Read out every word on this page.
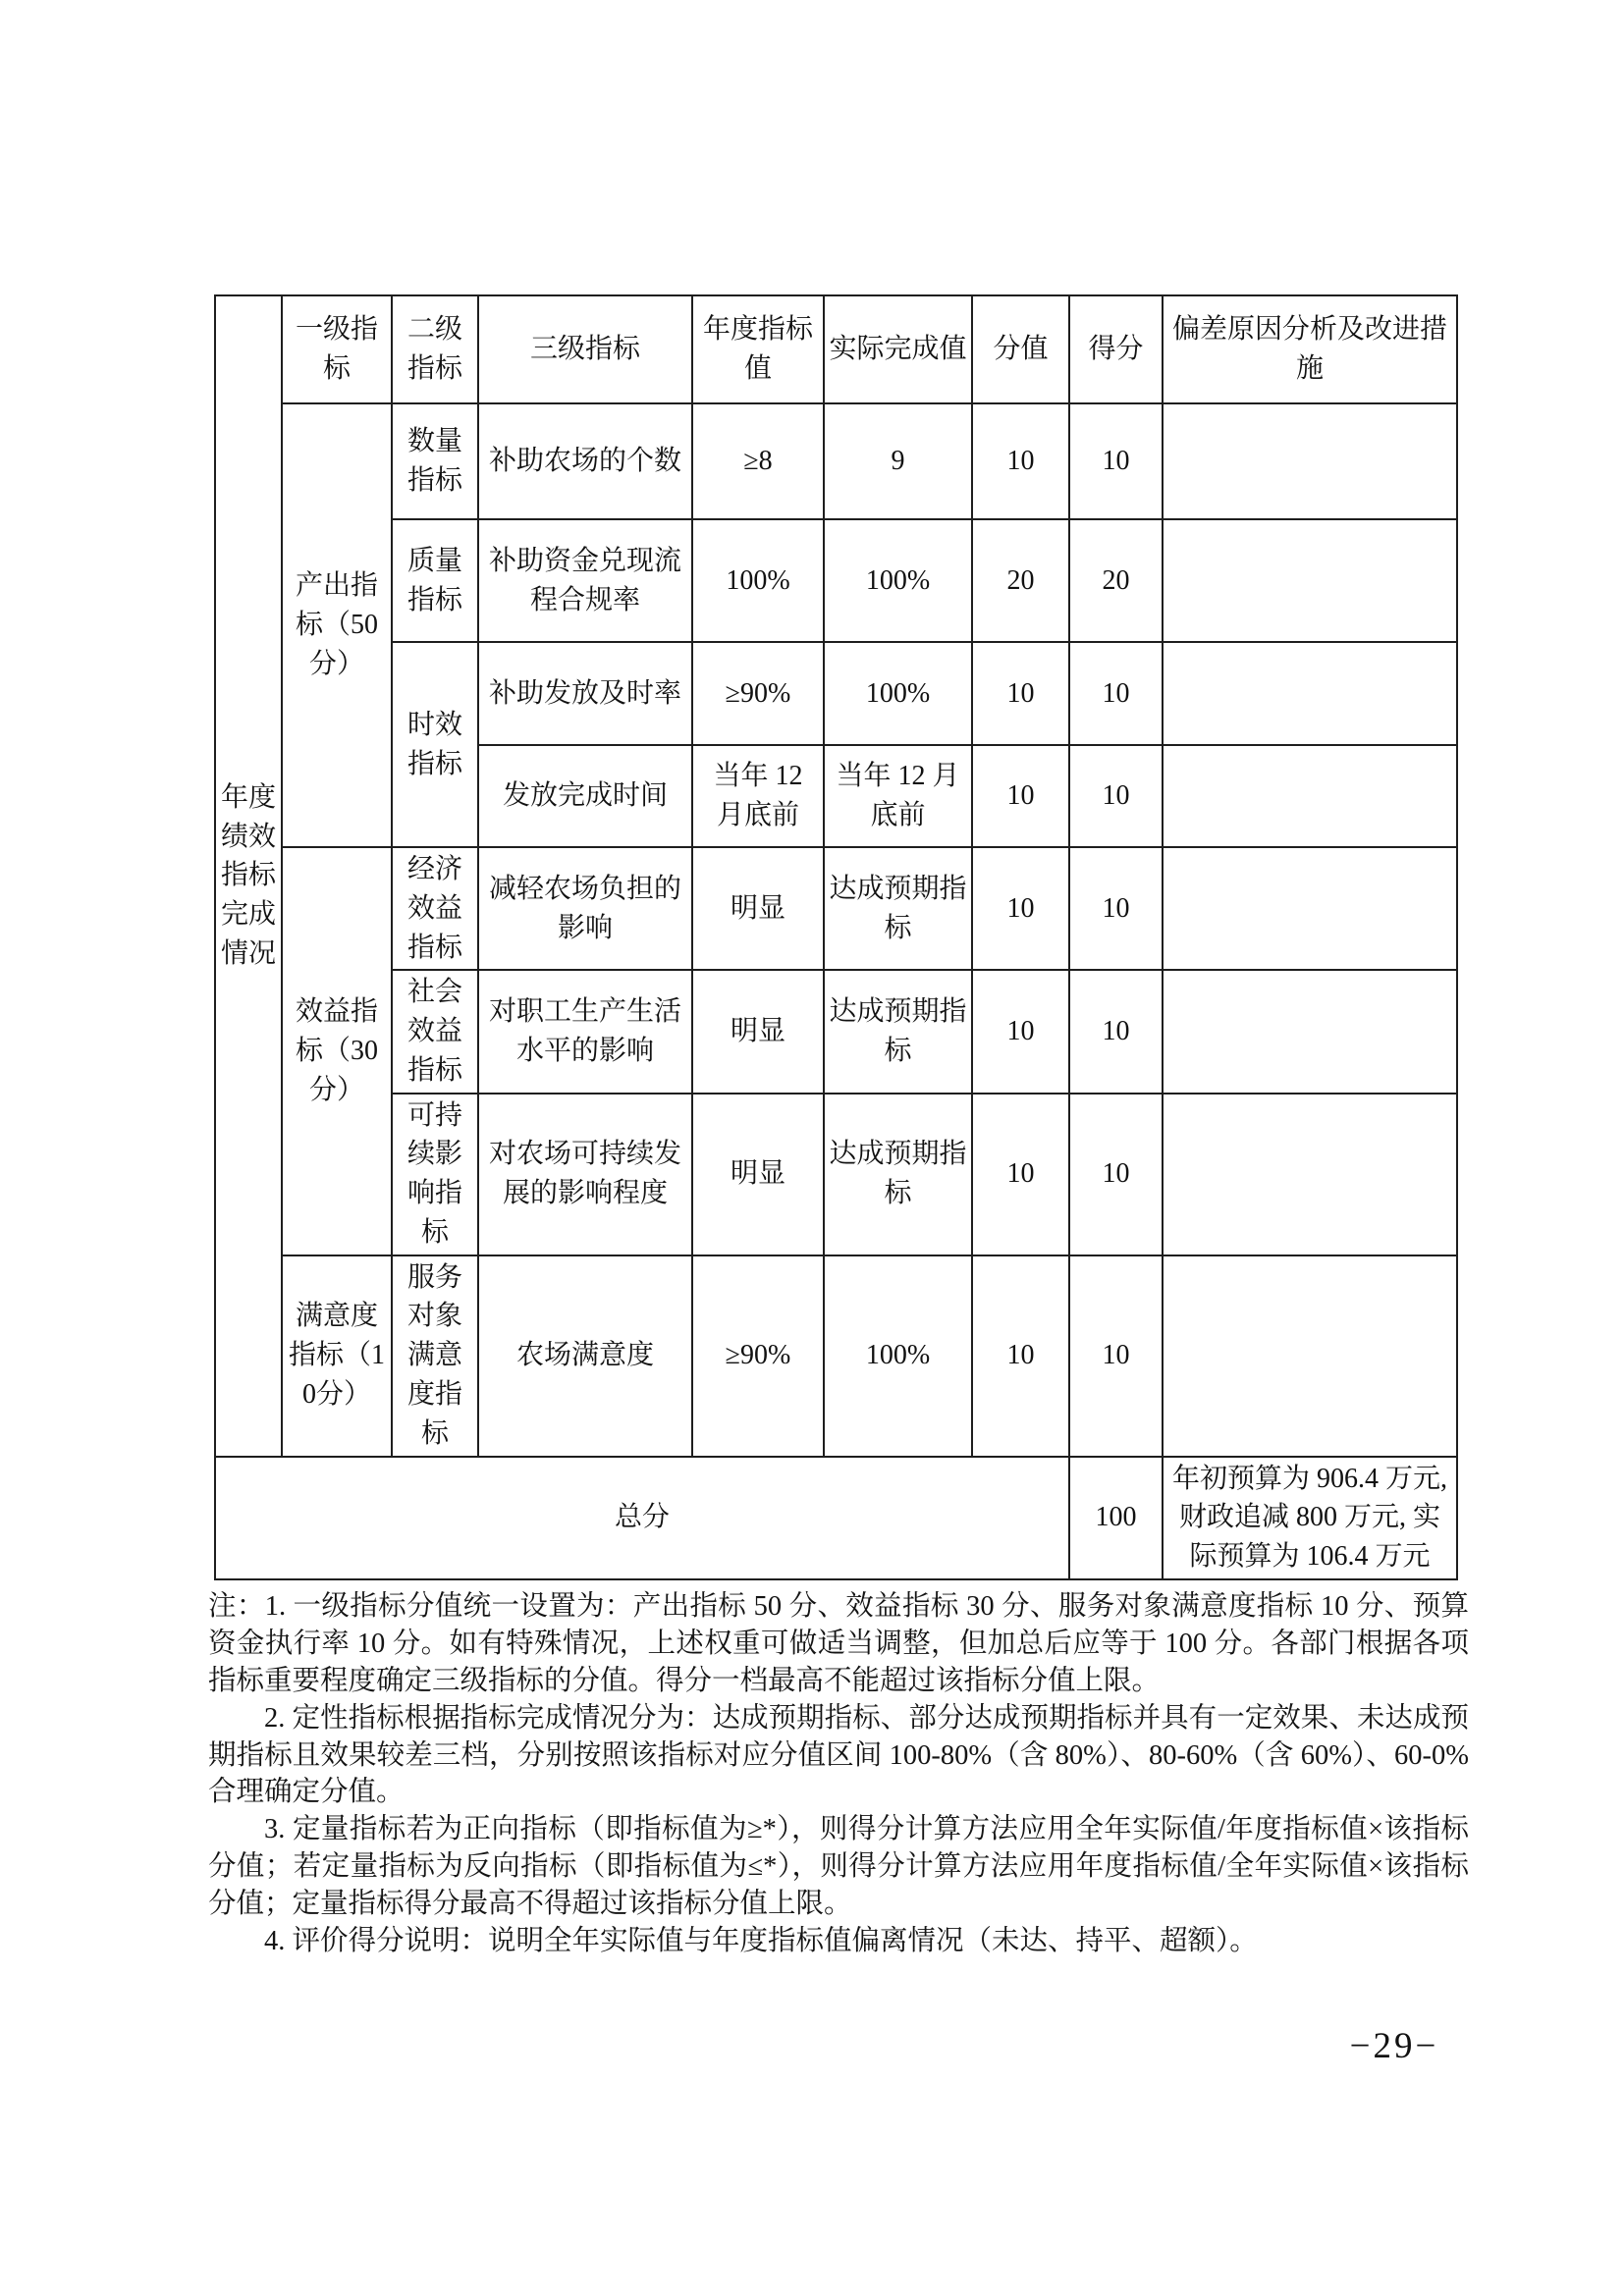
年度绩效指标完成情况	一级指标	二级指标	三级指标	年度指标值	实际完成值	分值	得分	偏差原因分析及改进措施
	产出指标（50分）	数量指标	补助农场的个数	≥8	9	10	10	
		质量指标	补助资金兑现流程合规率	100%	100%	20	20	
		时效指标	补助发放及时率	≥90%	100%	10	10	
			发放完成时间	当年 12 月底前	当年 12 月底前	10	10	
	效益指标（30分）	经济效益指标	减轻农场负担的影响	明显	达成预期指标	10	10	
		社会效益指标	对职工生产生活水平的影响	明显	达成预期指标	10	10	
		可持续影响指标	对农场可持续发展的影响程度	明显	达成预期指标	10	10	
	满意度指标（10分）	服务对象满意度指标	农场满意度	≥90%	100%	10	10	
总分							100	年初预算为 906.4 万元, 财政追减 800 万元, 实际预算为 106.4 万元

注：1. 一级指标分值统一设置为：产出指标 50 分、效益指标 30 分、服务对象满意度指标 10 分、预算资金执行率 10 分。如有特殊情况，上述权重可做适当调整，但加总后应等于 100 分。各部门根据各项指标重要程度确定三级指标的分值。得分一档最高不能超过该指标分值上限。

2. 定性指标根据指标完成情况分为：达成预期指标、部分达成预期指标并具有一定效果、未达成预期指标且效果较差三档，分别按照该指标对应分值区间 100-80%（含 80%）、80-60%（含 60%）、60-0%合理确定分值。

3. 定量指标若为正向指标（即指标值为≥*），则得分计算方法应用全年实际值/年度指标值×该指标分值；若定量指标为反向指标（即指标值为≤*），则得分计算方法应用年度指标值/全年实际值×该指标分值；定量指标得分最高不得超过该指标分值上限。

4. 评价得分说明：说明全年实际值与年度指标值偏离情况（未达、持平、超额）。

−29−
